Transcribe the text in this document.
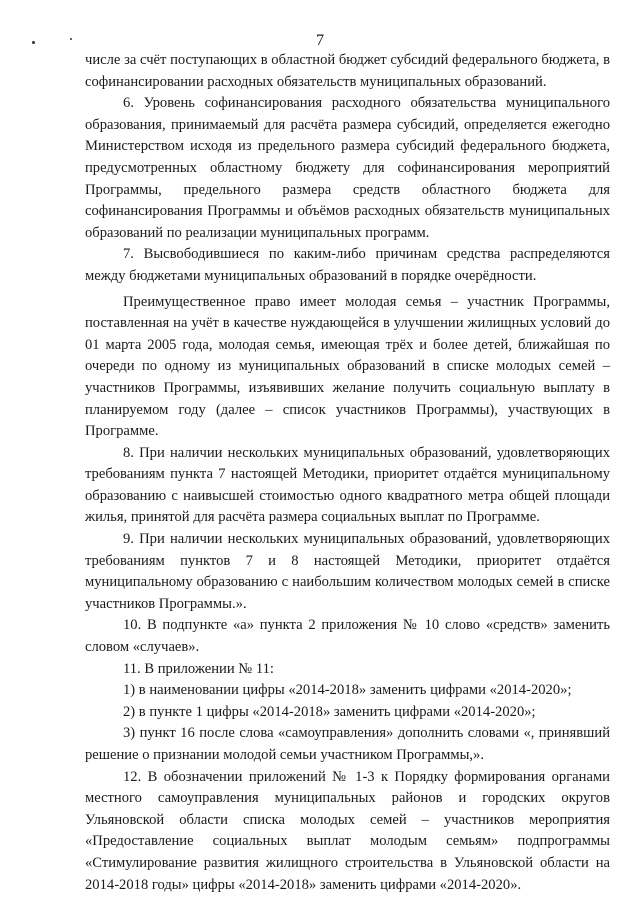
7

числе за счёт поступающих в областной бюджет субсидий федерального бюджета, в софинансировании расходных обязательств муниципальных образований.

6. Уровень софинансирования расходного обязательства муниципального образования, принимаемый для расчёта размера субсидий, определяется ежегодно Министерством исходя из предельного размера субсидий федерального бюджета, предусмотренных областному бюджету для софинансирования мероприятий Программы, предельного размера средств областного бюджета для софинансирования Программы и объёмов расходных обязательств муниципальных образований по реализации муниципальных программ.

7. Высвободившиеся по каким-либо причинам средства распределяются между бюджетами муниципальных образований в порядке очерёдности.

Преимущественное право имеет молодая семья – участник Программы, поставленная на учёт в качестве нуждающейся в улучшении жилищных условий до 01 марта 2005 года, молодая семья, имеющая трёх и более детей, ближайшая по очереди по одному из муниципальных образований в списке молодых семей – участников Программы, изъявивших желание получить социальную выплату в планируемом году (далее – список участников Программы), участвующих в Программе.

8. При наличии нескольких муниципальных образований, удовлетворяющих требованиям пункта 7 настоящей Методики, приоритет отдаётся муниципальному образованию с наивысшей стоимостью одного квадратного метра общей площади жилья, принятой для расчёта размера социальных выплат по Программе.

9. При наличии нескольких муниципальных образований, удовлетворяющих требованиям пунктов 7 и 8 настоящей Методики, приоритет отдаётся муниципальному образованию с наибольшим количеством молодых семей в списке участников Программы.».

10. В подпункте «а» пункта 2 приложения № 10 слово «средств» заменить словом «случаев».

11. В приложении № 11:

1) в наименовании цифры «2014-2018» заменить цифрами «2014-2020»;

2) в пункте 1 цифры «2014-2018» заменить цифрами «2014-2020»;

3) пункт 16 после слова «самоуправления» дополнить словами «, принявший решение о признании молодой семьи участником Программы,».

12. В обозначении приложений № 1-3 к Порядку формирования органами местного самоуправления муниципальных районов и городских округов Ульяновской области списка молодых семей – участников мероприятия «Предоставление социальных выплат молодым семьям» подпрограммы «Стимулирование развития жилищного строительства в Ульяновской области на 2014-2018 годы» цифры «2014-2018» заменить цифрами «2014-2020».
